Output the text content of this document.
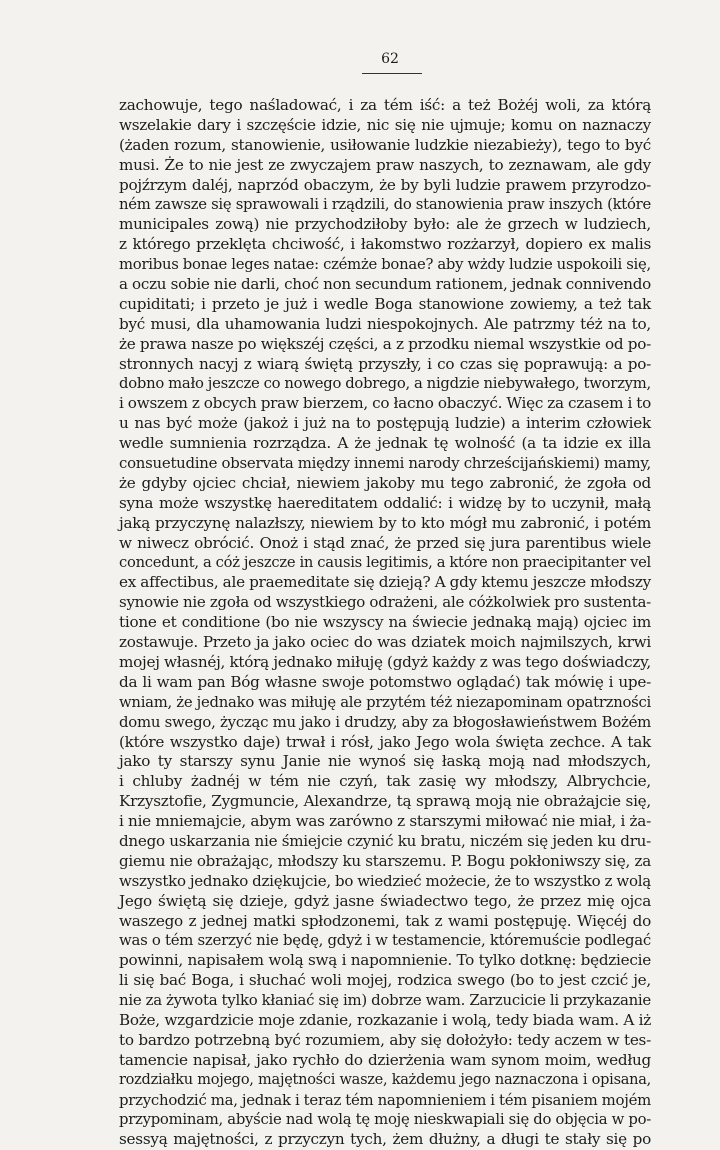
62
zachowuje, tego naśladować, i za tém iść: a też Bożéj woli, za którą
wszelakie dary i szczęście idzie, nic się nie ujmuje; komu on naznaczy
(żaden rozum, stanowienie, usiłowanie ludzkie niezabieży), tego to być
musi. Że to nie jest ze zwyczajem praw naszych, to zeznawam, ale gdy
pojźrzym daléj, naprzód obaczym, że by byli ludzie prawem przyrodzo-
ném zawsze się sprawowali i rządzili, do stanowienia praw inszych (które
municipales zową) nie przychodziłoby było: ale że grzech w ludziech,
z którego przeklęta chciwość, i łakomstwo rozżarzył, dopiero ex malis
moribus bonae leges natae: czémże bonae? aby wżdy ludzie uspokoili się,
a oczu sobie nie darli, choć non secundum rationem, jednak connivendo
cupiditati; i przeto je już i wedle Boga stanowione zowiemy, a też tak
być musi, dla uhamowania ludzi niespokojnych. Ale patrzmy téż na to,
że prawa nasze po większéj części, a z przodku niemal wszystkie od po-
stronnych nacyj z wiarą świętą przyszły, i co czas się poprawują: a po-
dobno mało jeszcze co nowego dobrego, a nigdzie niebywałego, tworzym,
i owszem z obcych praw bierzem, co łacno obaczyć. Więc za czasem i to
u nas być może (jakoż i już na to postępują ludzie) a interim człowiek
wedle sumnienia rozrządza. A że jednak tę wolność (a ta idzie ex illa
consuetudine observata między innemi narody chrześcijańskiemi) mamy,
że gdyby ojciec chciał, niewiem jakoby mu tego zabronić, że zgoła od
syna może wszystkę haereditatem oddalić: i widzę by to uczynił, małą
jaką przyczynę nalazłszy, niewiem by to kto mógł mu zabronić, i potém
w niwecz obrócić. Onoż i stąd znać, że przed się jura parentibus wiele
concedunt, a cóż jeszcze in causis legitimis, a które non praecipitanter vel
ex affectibus, ale praemeditate się dzieją? A gdy ktemu jeszcze młodszy
synowie nie zgoła od wszystkiego odrażeni, ale cóżkolwiek pro sustenta-
tione et conditione (bo nie wszyscy na świecie jednaką mają) ojciec im
zostawuje. Przeto ja jako ociec do was dziatek moich najmilszych, krwi
mojej własnéj, którą jednako miłuję (gdyż każdy z was tego doświadczy,
da li wam pan Bóg własne swoje potomstwo oglądać) tak mówię i upe-
wniam, że jednako was miłuję ale przytém téż niezapominam opatrzności
domu swego, życząc mu jako i drudzy, aby za błogosławieństwem Bożém
(które wszystko daje) trwał i rósł, jako Jego wola święta zechce. A tak
jako ty starszy synu Janie nie wynoś się łaską moją nad młodszych,
i chluby żadnéj w tém nie czyń, tak zasię wy młodszy, Albrychcie,
Krzysztofie, Zygmuncie, Alexandrze, tą sprawą moją nie obrażajcie się,
i nie mniemajcie, abym was zarówno z starszymi miłować nie miał, i ża-
dnego uskarzania nie śmiejcie czynić ku bratu, niczém się jeden ku dru-
giemu nie obrażając, młodszy ku starszemu. P. Bogu pokłoniwszy się, za
wszystko jednako dziękujcie, bo wiedzieć możecie, że to wszystko z wolą
Jego świętą się dzieje, gdyż jasne świadectwo tego, że przez mię ojca
waszego z jednej matki spłodzonemi, tak z wami postępuję. Więcéj do
was o tém szerzyć nie będę, gdyż i w testamencie, któremuście podlegać
powinni, napisałem wolą swą i napomnienie. To tylko dotknę: będziecie
li się bać Boga, i słuchać woli mojej, rodzica swego (bo to jest czcić je,
nie za żywota tylko kłaniać się im) dobrze wam. Zarzucicie li przykazanie
Boże, wzgardzicie moje zdanie, rozkazanie i wolą, tedy biada wam. A iż
to bardzo potrzebną być rozumiem, aby się dołożyło: tedy aczem w tes-
tamencie napisał, jako rychło do dzierżenia wam synom moim, według
rozdziałku mojego, majętności wasze, każdemu jego naznaczona i opisana,
przychodzić ma, jednak i teraz tém napomnieniem i tém pisaniem mojém
przypominam, abyście nad wolą tę moję nieskwapiali się do objęcia w po-
sessyą majętności, z przyczyn tych, żem dłużny, a długi te stały się po
